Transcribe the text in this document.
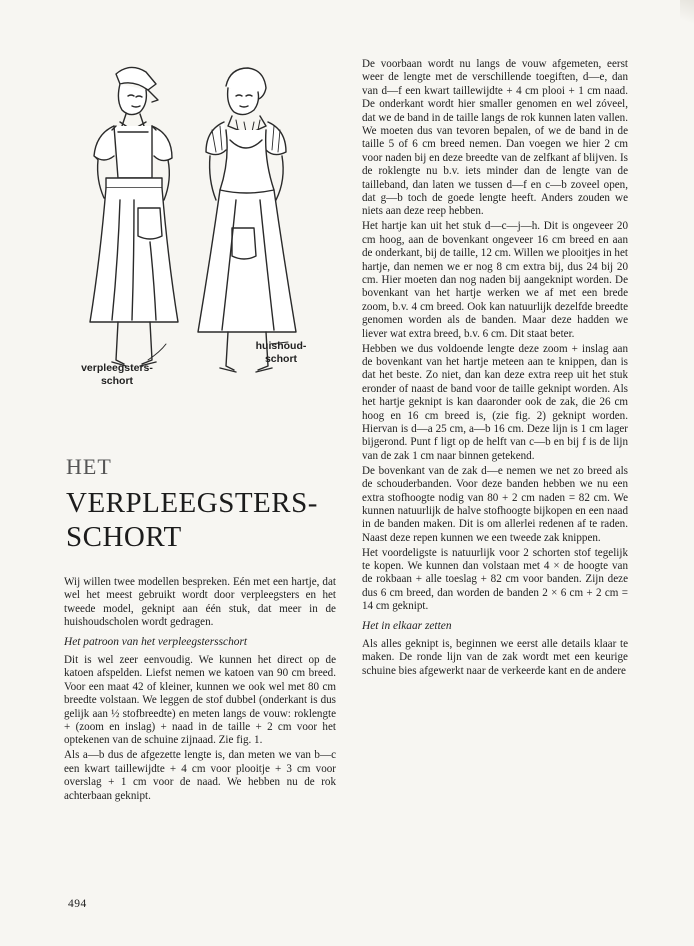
verpleegsters-
schort
huishoud-
schort
HET
VERPLEEGSTERS-
SCHORT

Wij willen twee modellen bespreken. Eén met een hartje, dat wel het meest gebruikt wordt door verpleegsters en het tweede model, geknipt aan één stuk, dat meer in de huishoudscholen wordt gedragen.

Het patroon van het verpleegstersschort

Dit is wel zeer eenvoudig. We kunnen het direct op de katoen afspelden. Liefst nemen we katoen van 90 cm breed. Voor een maat 42 of kleiner, kunnen we ook wel met 80 cm breedte volstaan. We leggen de stof dubbel (onderkant is dus gelijk aan ½ stofbreedte) en meten langs de vouw: roklengte + (zoom en inslag) + naad in de taille + 2 cm voor het optekenen van de schuine zijnaad. Zie fig. 1.

Als a—b dus de afgezette lengte is, dan meten we van b—c een kwart taillewijdte + 4 cm voor plooitje + 3 cm voor overslag + 1 cm voor de naad. We hebben nu de rok achterbaan geknipt.

De voorbaan wordt nu langs de vouw afgemeten, eerst weer de lengte met de verschillende toegiften, d—e, dan van d—f een kwart taillewijdte + 4 cm plooi + 1 cm naad. De onderkant wordt hier smaller genomen en wel zóveel, dat we de band in de taille langs de rok kunnen laten vallen. We moeten dus van tevoren bepalen, of we de band in de taille 5 of 6 cm breed nemen. Dan voegen we hier 2 cm voor naden bij en deze breedte van de zelfkant af blijven. Is de roklengte nu b.v. iets minder dan de lengte van de tailleband, dan laten we tussen d—f en c—b zoveel open, dat g—b toch de goede lengte heeft. Anders zouden we niets aan deze reep hebben.

Het hartje kan uit het stuk d—c—j—h. Dit is ongeveer 20 cm hoog, aan de bovenkant ongeveer 16 cm breed en aan de onderkant, bij de taille, 12 cm. Willen we plooitjes in het hartje, dan nemen we er nog 8 cm extra bij, dus 24 bij 20 cm. Hier moeten dan nog naden bij aangeknipt worden. De bovenkant van het hartje werken we af met een brede zoom, b.v. 4 cm breed. Ook kan natuurlijk dezelfde breedte genomen worden als de banden. Maar deze hadden we liever wat extra breed, b.v. 6 cm. Dit staat beter.

Hebben we dus voldoende lengte deze zoom + inslag aan de bovenkant van het hartje meteen aan te knippen, dan is dat het beste. Zo niet, dan kan deze extra reep uit het stuk eronder of naast de band voor de taille geknipt worden. Als het hartje geknipt is kan daaronder ook de zak, die 26 cm hoog en 16 cm breed is, (zie fig. 2) geknipt worden. Hiervan is d—a 25 cm, a—b 16 cm. Deze lijn is 1 cm lager bijgerond. Punt f ligt op de helft van c—b en bij f is de lijn van de zak 1 cm naar binnen getekend.

De bovenkant van de zak d—e nemen we net zo breed als de schouderbanden. Voor deze banden hebben we nu een extra stofhoogte nodig van 80 + 2 cm naden = 82 cm. We kunnen natuurlijk de halve stofhoogte bijkopen en een naad in de banden maken. Dit is om allerlei redenen af te raden. Naast deze repen kunnen we een tweede zak knippen.

Het voordeligste is natuurlijk voor 2 schorten stof tegelijk te kopen. We kunnen dan volstaan met 4 × de hoogte van de rokbaan + alle toeslag + 82 cm voor banden. Zijn deze dus 6 cm breed, dan worden de banden 2 × 6 cm + 2 cm = 14 cm geknipt.

Het in elkaar zetten

Als alles geknipt is, beginnen we eerst alle details klaar te maken. De ronde lijn van de zak wordt met een keurige schuine bies afgewerkt naar de verkeerde kant en de andere

494
